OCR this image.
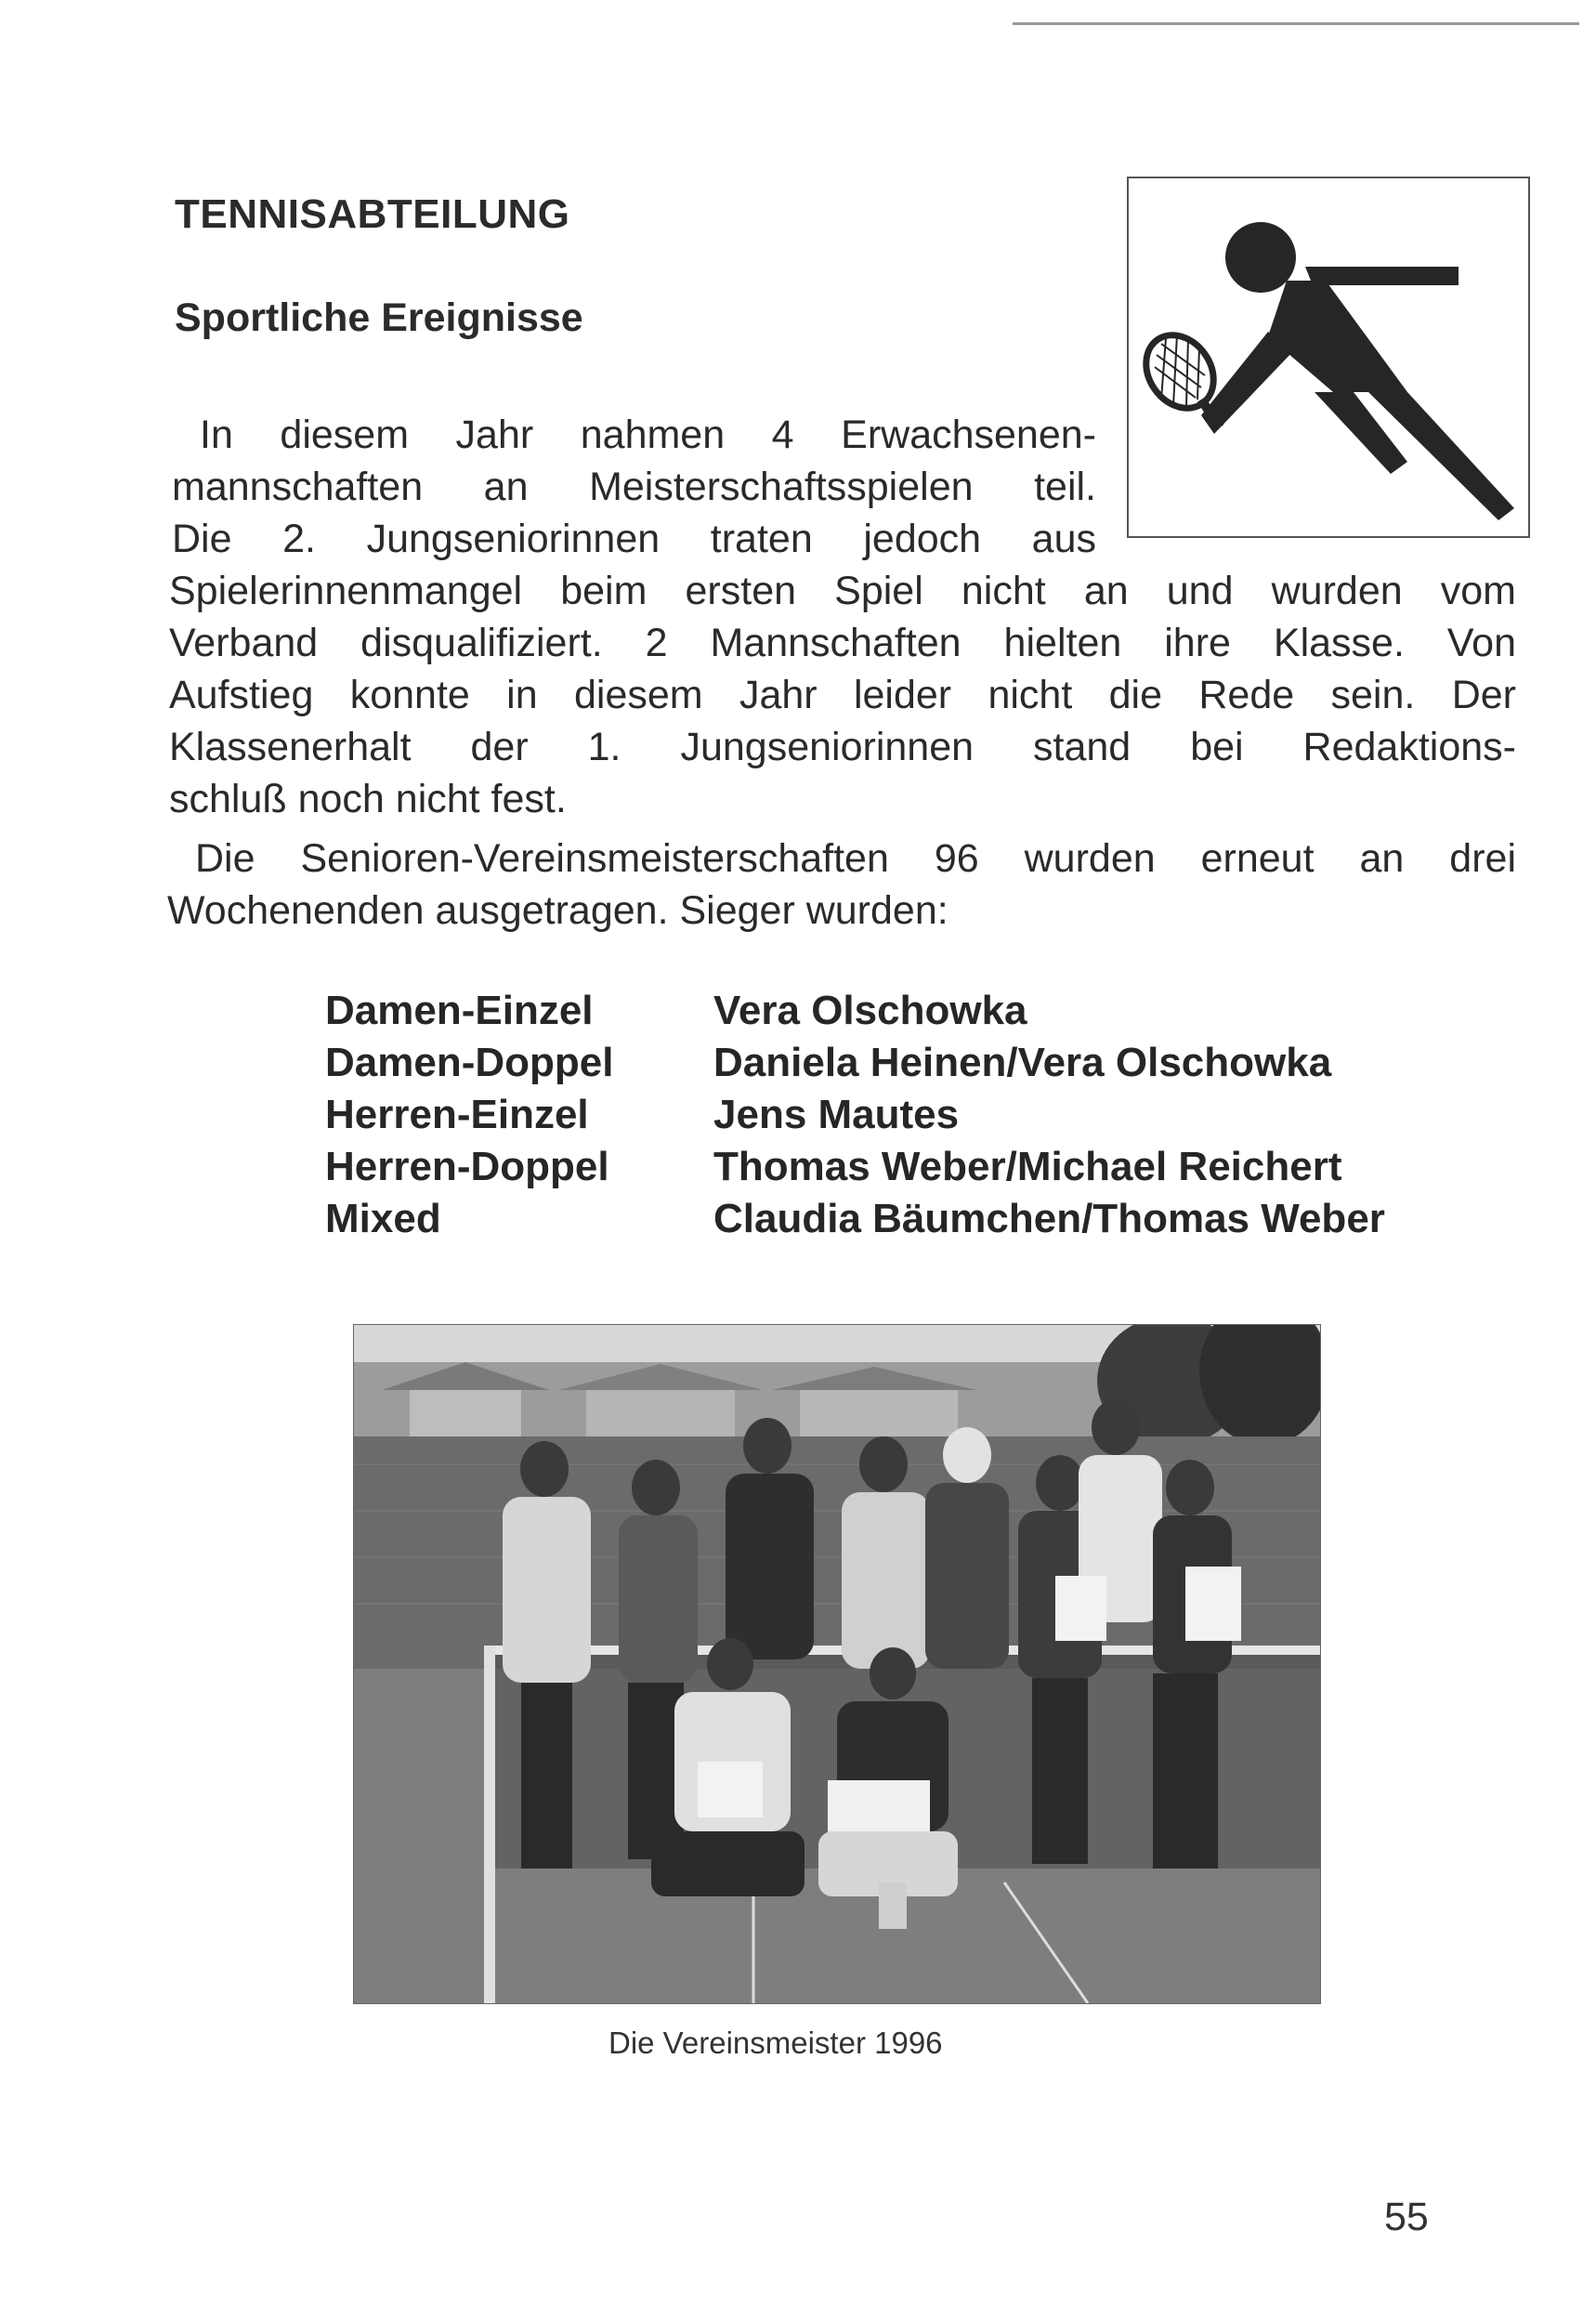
TENNISABTEILUNG
Sportliche Ereignisse
In diesem Jahr nahmen 4 Erwachsenen-
mannschaften an Meisterschaftsspielen teil.
Die 2. Jungseniorinnen traten jedoch aus
Spielerinnenmangel beim ersten Spiel nicht an und wurden vom
Verband disqualifiziert. 2 Mannschaften hielten ihre Klasse. Von
Aufstieg konnte in diesem Jahr leider nicht die Rede sein. Der
Klassenerhalt der 1. Jungseniorinnen stand bei Redaktions-
schluß noch nicht fest.
Die Senioren-Vereinsmeisterschaften 96 wurden erneut an drei
Wochenenden ausgetragen. Sieger wurden:
Damen-Einzel	Vera Olschowka
Damen-Doppel	Daniela Heinen/Vera Olschowka
Herren-Einzel	Jens Mautes
Herren-Doppel	Thomas Weber/Michael Reichert
Mixed	Claudia Bäumchen/Thomas Weber
Die Vereinsmeister 1996
55
